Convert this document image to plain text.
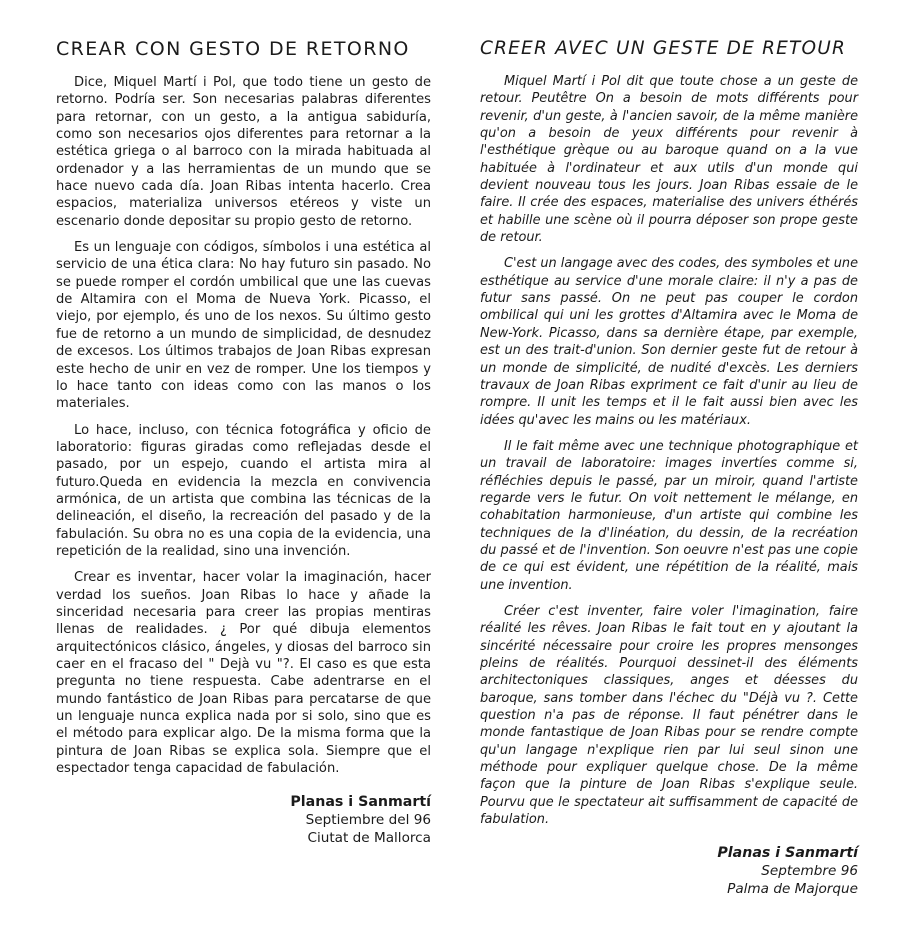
CREAR CON GESTO DE RETORNO

Dice, Miquel Martí i Pol, que todo tiene un gesto de retorno. Podría ser. Son necesarias palabras diferentes para retornar, con un gesto, a la antigua sabiduría, como son necesarios ojos diferentes para retornar a la estética griega o al barroco con la mirada habituada al ordenador y a las herramientas de un mundo que se hace nuevo cada día. Joan Ribas intenta hacerlo. Crea espacios, materializa universos etéreos y viste un escenario donde depositar su propio gesto de retorno.

Es un lenguaje con códigos, símbolos i una estética al servicio de una ética clara: No hay futuro sin pasado. No se puede romper el cordón umbilical que une las cuevas de Altamira con el Moma de Nueva York. Picasso, el viejo, por ejemplo, és uno de los nexos. Su último gesto fue de retorno a un mundo de simplicidad, de desnudez de excesos. Los últimos trabajos de Joan Ribas expresan este hecho de unir en vez de romper. Une los tiempos y lo hace tanto con ideas como con las manos o los materiales.

Lo hace, incluso, con técnica fotográfica y oficio de laboratorio: figuras giradas como reflejadas desde el pasado, por un espejo, cuando el artista mira al futuro.Queda en evidencia la mezcla en convivencia armónica, de un artista que combina las técnicas de la delineación, el diseño, la recreación del pasado y de la fabulación. Su obra no es una copia de la evidencia, una repetición de la realidad, sino una invención.

Crear es inventar, hacer volar la imaginación, hacer verdad los sueños. Joan Ribas lo hace y añade la sinceridad necesaria para creer las propias mentiras llenas de realidades. ¿ Por qué dibuja elementos arquitectónicos clásico, ángeles, y diosas del barroco sin caer en el fracaso del " Dejà vu "?. El caso es que esta pregunta no tiene respuesta. Cabe adentrarse en el mundo fantástico de Joan Ribas para percatarse de que un lenguaje nunca explica nada por si solo, sino que es el método para explicar algo. De la misma forma que la pintura de Joan Ribas se explica sola. Siempre que el espectador tenga capacidad de fabulación.

Planas i Sanmartí
Septiembre del 96
Ciutat de Mallorca
CREER AVEC UN GESTE DE RETOUR

Miquel Martí i Pol dit que toute chose a un geste de retour. Peutêtre On a besoin de mots différents pour revenir, d'un geste, à l'ancien savoir, de la même manière qu'on a besoin de yeux différents pour revenir à l'esthétique grèque ou au baroque quand on a la vue habituée à l'ordinateur et aux utils d'un monde qui devient nouveau tous les jours. Joan Ribas essaie de le faire. Il crée des espaces, materialise des univers éthérés et habille une scène où il pourra déposer son prope geste de retour.

C'est un langage avec des codes, des symboles et une esthétique au service d'une morale claire: il n'y a pas de futur sans passé. On ne peut pas couper le cordon ombilical qui uni les grottes d'Altamira avec le Moma de New-York. Picasso, dans sa dernière étape, par exemple, est un des trait-d'union. Son dernier geste fut de retour à un monde de simplicité, de nudité d'excès. Les derniers travaux de Joan Ribas expriment ce fait d'unir au lieu de rompre. Il unit les temps et il le fait aussi bien avec les idées qu'avec les mains ou les matériaux.

Il le fait même avec une technique photographique et un travail de laboratoire: images invertíes comme si, réfléchies depuis le passé, par un miroir, quand l'artiste regarde vers le futur. On voit nettement le mélange, en cohabitation harmonieuse, d'un artiste qui combine les techniques de la d'linéation, du dessin, de la recréation du passé et de l'invention. Son oeuvre n'est pas une copie de ce qui est évident, une répétition de la réalité, mais une invention.

Créer c'est inventer, faire voler l'imagination, faire réalité les rêves. Joan Ribas le fait tout en y ajoutant la sincérité nécessaire pour croire les propres mensonges pleins de réalités. Pourquoi dessinet-il des éléments architectoniques classiques, anges et déesses du baroque, sans tomber dans l'échec du "Déjà vu ?. Cette question n'a pas de réponse. Il faut pénétrer dans le monde fantastique de Joan Ribas pour se rendre compte qu'un langage n'explique rien par lui seul sinon une méthode pour expliquer quelque chose. De la même façon que la pinture de Joan Ribas s'explique seule. Pourvu que le spectateur ait suffisamment de capacité de fabulation.

Planas i Sanmartí
Septembre 96
Palma de Majorque
